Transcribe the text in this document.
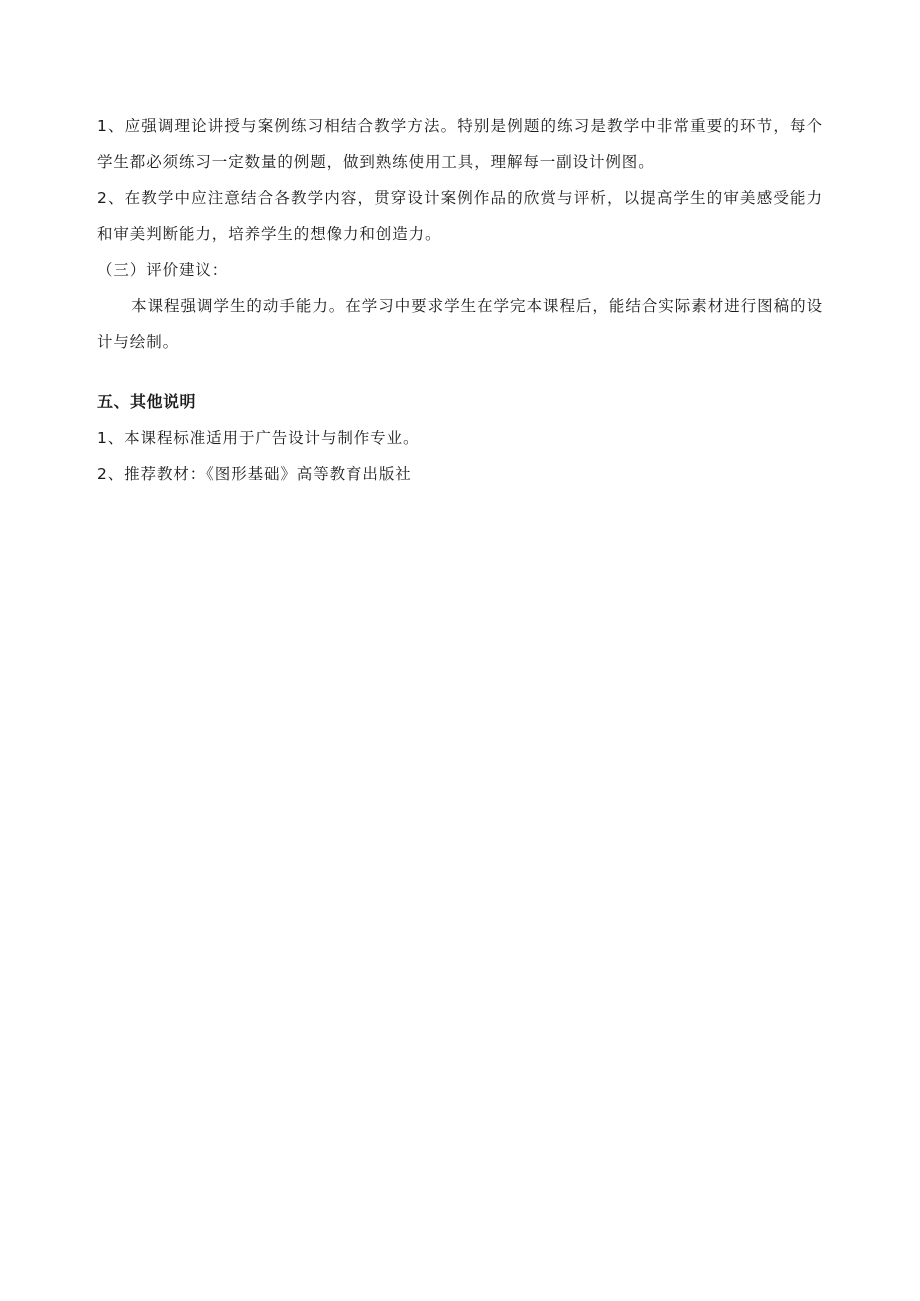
1、应强调理论讲授与案例练习相结合教学方法。特别是例题的练习是教学中非常重要的环节，每个学生都必须练习一定数量的例题，做到熟练使用工具，理解每一副设计例图。

2、在教学中应注意结合各教学内容，贯穿设计案例作品的欣赏与评析，以提高学生的审美感受能力和审美判断能力，培养学生的想像力和创造力。

（三）评价建议：

本课程强调学生的动手能力。在学习中要求学生在学完本课程后，能结合实际素材进行图稿的设计与绘制。

五、其他说明

1、本课程标准适用于广告设计与制作专业。

2、推荐教材：《图形基础》高等教育出版社
